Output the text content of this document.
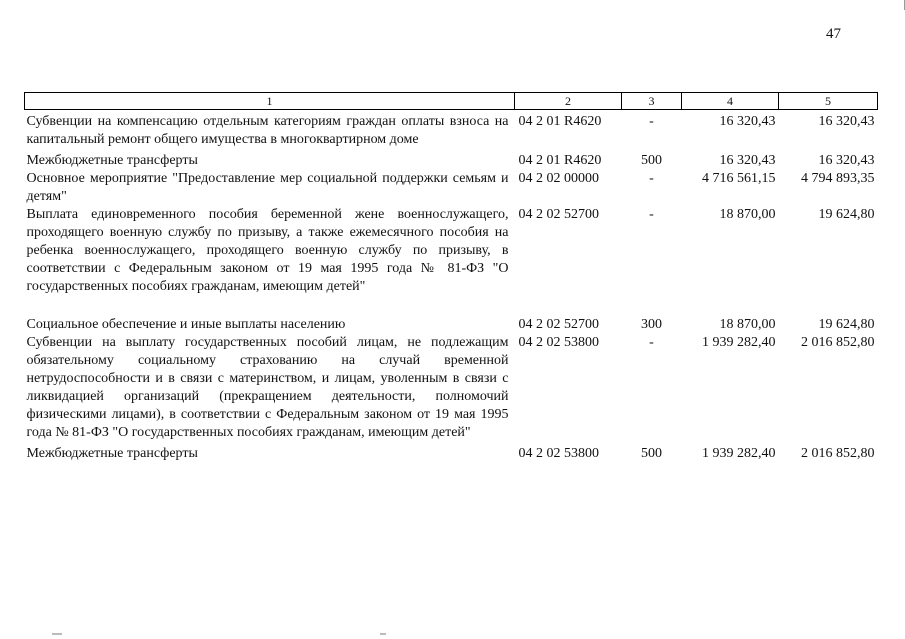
47
1	2	3	4	5

Субвенции на компенсацию отдельным категориям граждан оплаты взноса на капитальный ремонт общего имущества в многоквартирном доме	04 2 01 R4620	-	16 320,43	16 320,43

Межбюджетные трансферты	04 2 01 R4620	500	16 320,43	16 320,43
Основное мероприятие "Предоставление мер социальной поддержки семьям и детям"	04 2 02 00000	-	4 716 561,15	4 794 893,35
Выплата единовременного пособия беременной жене военнослужащего, проходящего военную службу по призыву, а также ежемесячного пособия на ребенка военнослужащего, проходящего военную службу по призыву, в соответствии с Федеральным законом от 19 мая 1995 года № 81-ФЗ "О государственных пособиях гражданам, имеющим детей"	04 2 02 52700	-	18 870,00	19 624,80

Социальное обеспечение и иные выплаты населению	04 2 02 52700	300	18 870,00	19 624,80
Субвенции на выплату государственных пособий лицам, не подлежащим обязательному социальному страхованию на случай временной нетрудоспособности и в связи с материнством, и лицам, уволенным в связи с ликвидацией организаций (прекращением деятельности, полномочий физическими лицами), в соответствии с Федеральным законом от 19 мая 1995 года № 81-ФЗ "О государственных пособиях гражданам, имеющим детей"	04 2 02 53800	-	1 939 282,40	2 016 852,80

Межбюджетные трансферты	04 2 02 53800	500	1 939 282,40	2 016 852,80
